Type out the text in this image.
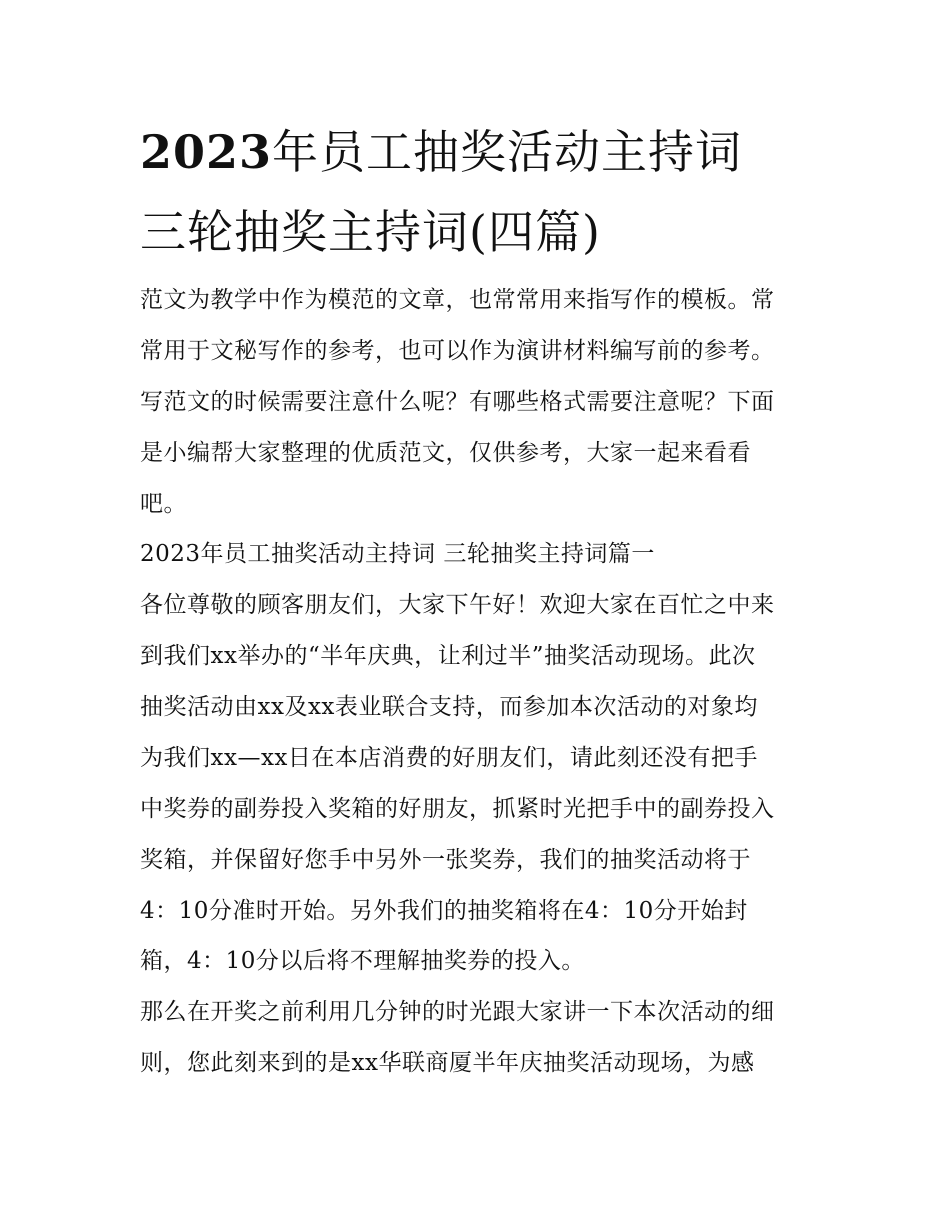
2023年员工抽奖活动主持词
三轮抽奖主持词(四篇)
范文为教学中作为模范的文章，也常常用来指写作的模板。常
常用于文秘写作的参考，也可以作为演讲材料编写前的参考。
写范文的时候需要注意什么呢？有哪些格式需要注意呢？下面
是小编帮大家整理的优质范文，仅供参考，大家一起来看看
吧。
2023年员工抽奖活动主持词 三轮抽奖主持词篇一
各位尊敬的顾客朋友们，大家下午好！欢迎大家在百忙之中来
到我们xx举办的“半年庆典，让利过半”抽奖活动现场。此次
抽奖活动由xx及xx表业联合支持，而参加本次活动的对象均
为我们xx—xx日在本店消费的好朋友们，请此刻还没有把手
中奖券的副券投入奖箱的好朋友，抓紧时光把手中的副券投入
奖箱，并保留好您手中另外一张奖券，我们的抽奖活动将于
4：10分准时开始。另外我们的抽奖箱将在4：10分开始封
箱，4：10分以后将不理解抽奖券的投入。
那么在开奖之前利用几分钟的时光跟大家讲一下本次活动的细
则，您此刻来到的是xx华联商厦半年庆抽奖活动现场，为感
